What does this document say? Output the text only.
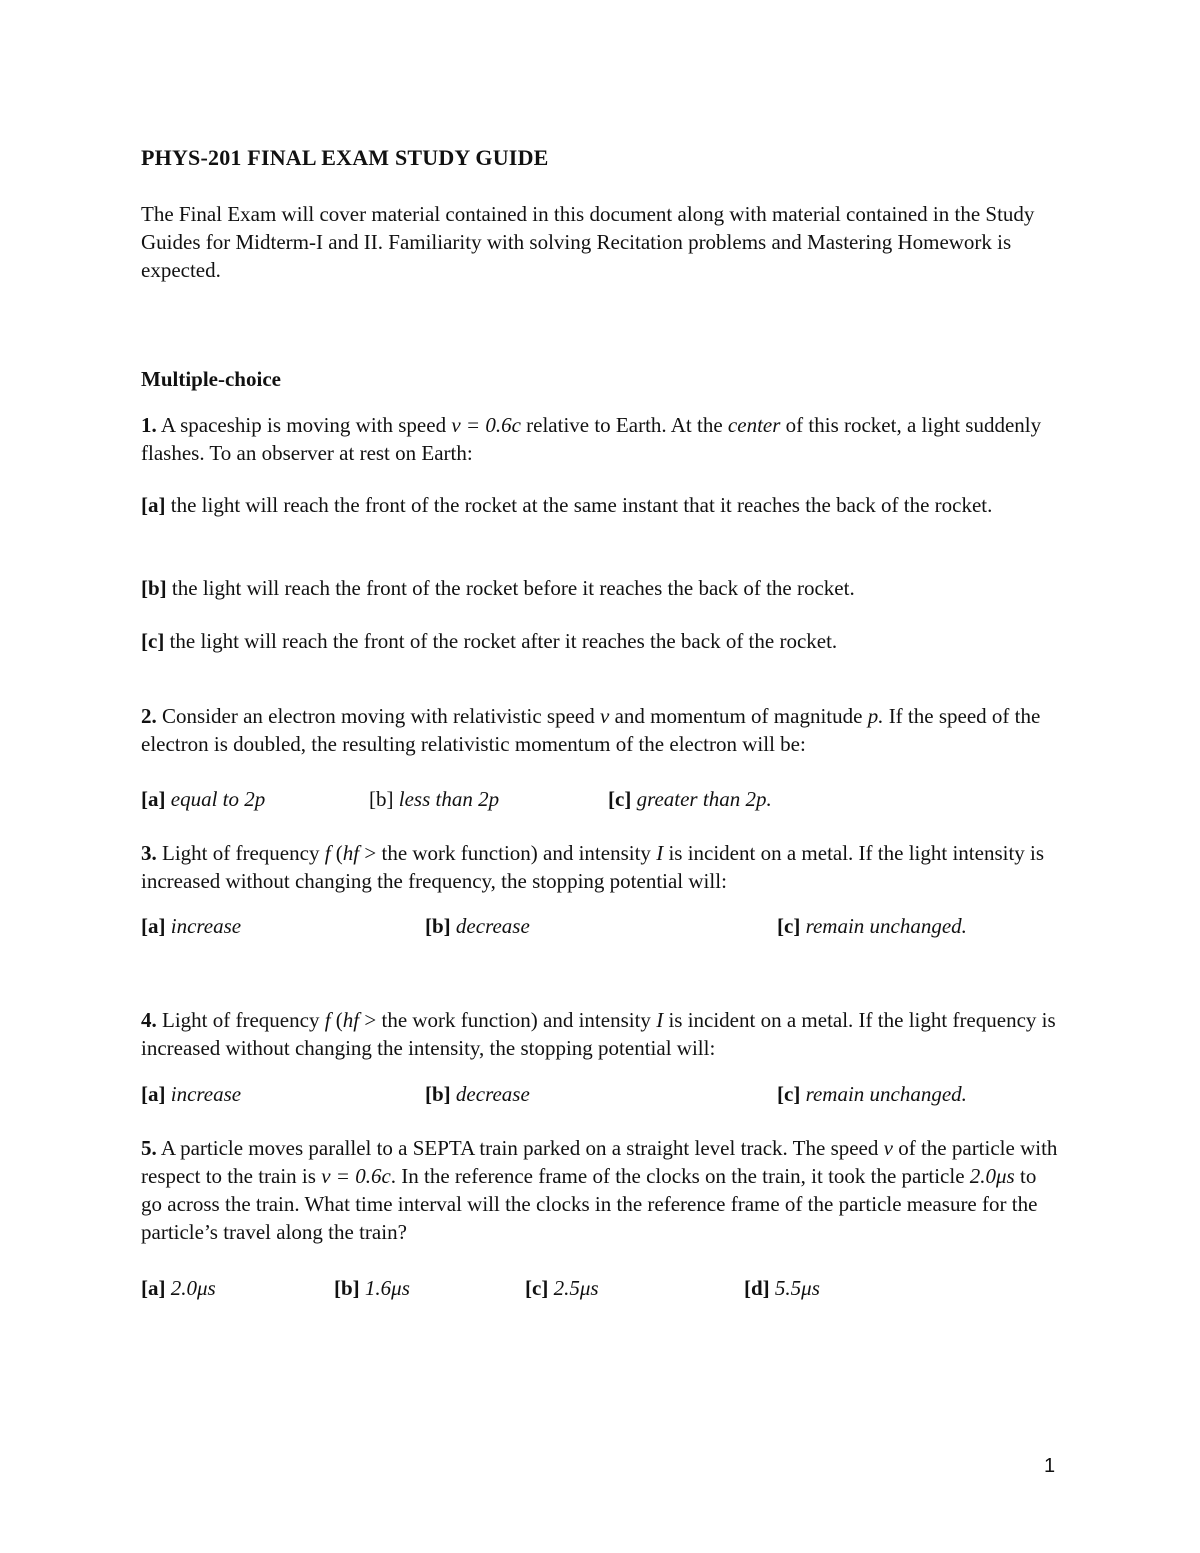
PHYS-201 FINAL EXAM STUDY GUIDE
The Final Exam will cover material contained in this document along with material contained in the Study Guides for Midterm-I and II. Familiarity with solving Recitation problems and Mastering Homework is expected.
Multiple-choice

1. A spaceship is moving with speed v = 0.6c relative to Earth. At the center of this rocket, a light suddenly flashes. To an observer at rest on Earth:

[a] the light will reach the front of the rocket at the same instant that it reaches the back of the rocket.
[b] the light will reach the front of the rocket before it reaches the back of the rocket.
[c] the light will reach the front of the rocket after it reaches the back of the rocket.

2. Consider an electron moving with relativistic speed v and momentum of magnitude p. If the speed of the electron is doubled, the resulting relativistic momentum of the electron will be:

[a] equal to 2p	[b] less than 2p	[c] greater than 2p.

3. Light of frequency f (hf > the work function) and intensity I is incident on a metal. If the light intensity is increased without changing the frequency, the stopping potential will:

[a] increase	[b] decrease	[c] remain unchanged.

4. Light of frequency f (hf > the work function) and intensity I is incident on a metal. If the light frequency is increased without changing the intensity, the stopping potential will:

[a] increase	[b] decrease	[c] remain unchanged.

5. A particle moves parallel to a SEPTA train parked on a straight level track. The speed v of the particle with respect to the train is v = 0.6c. In the reference frame of the clocks on the train, it took the particle 2.0μs to go across the train. What time interval will the clocks in the reference frame of the particle measure for the particle’s travel along the train?

[a] 2.0μs	[b] 1.6μs	[c] 2.5μs	[d] 5.5μs
1
